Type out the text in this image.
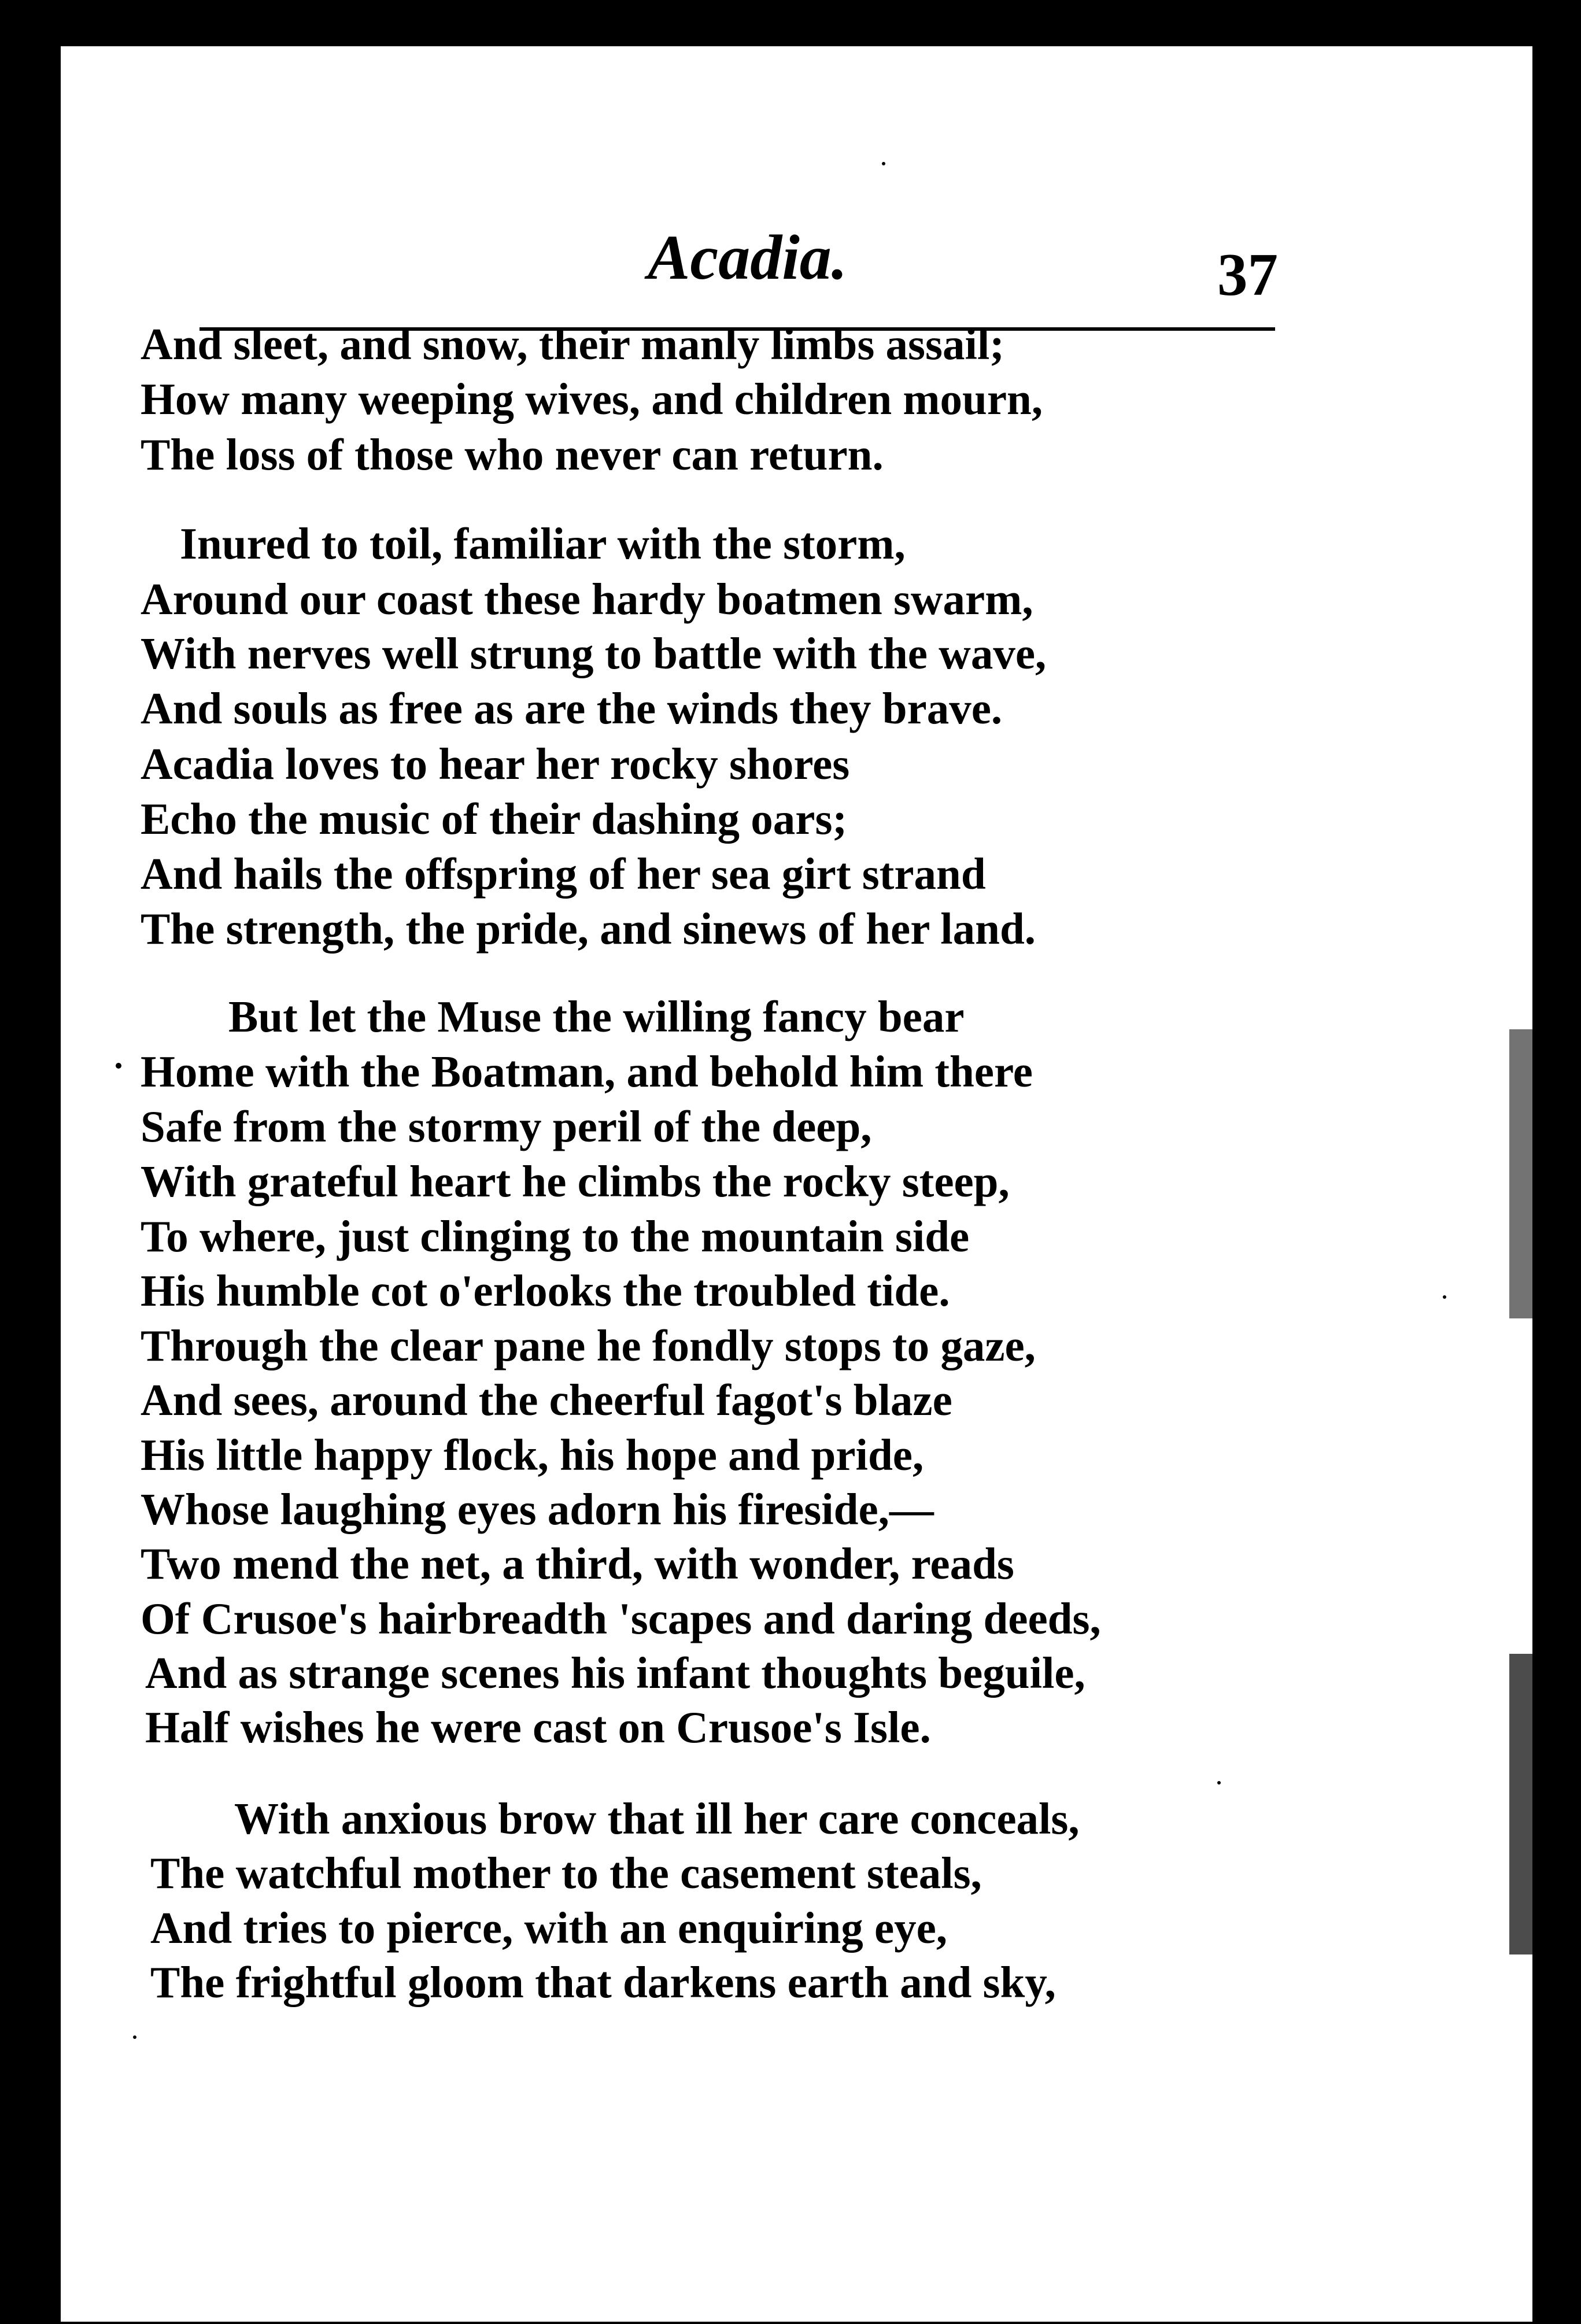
Acadia.	37
And sleet, and snow, their manly limbs assail;
How many weeping wives, and children mourn,
The loss of those who never can return.
Inured to toil, familiar with the storm,
Around our coast these hardy boatmen swarm,
With nerves well strung to battle with the wave,
And souls as free as are the winds they brave.
Acadia loves to hear her rocky shores
Echo the music of their dashing oars;
And hails the offspring of her sea girt strand
The strength, the pride, and sinews of her land.
But let the Muse the willing fancy bear
Home with the Boatman, and behold him there
Safe from the stormy peril of the deep,
With grateful heart he climbs the rocky steep,
To where, just clinging to the mountain side
His humble cot o'erlooks the troubled tide.
Through the clear pane he fondly stops to gaze,
And sees, around the cheerful fagot's blaze
His little happy flock, his hope and pride,
Whose laughing eyes adorn his fireside,—
Two mend the net, a third, with wonder, reads
Of Crusoe's hairbreadth 'scapes and daring deeds,
And as strange scenes his infant thoughts beguile,
Half wishes he were cast on Crusoe's Isle.
With anxious brow that ill her care conceals,
The watchful mother to the casement steals,
And tries to pierce, with an enquiring eye,
The frightful gloom that darkens earth and sky,
